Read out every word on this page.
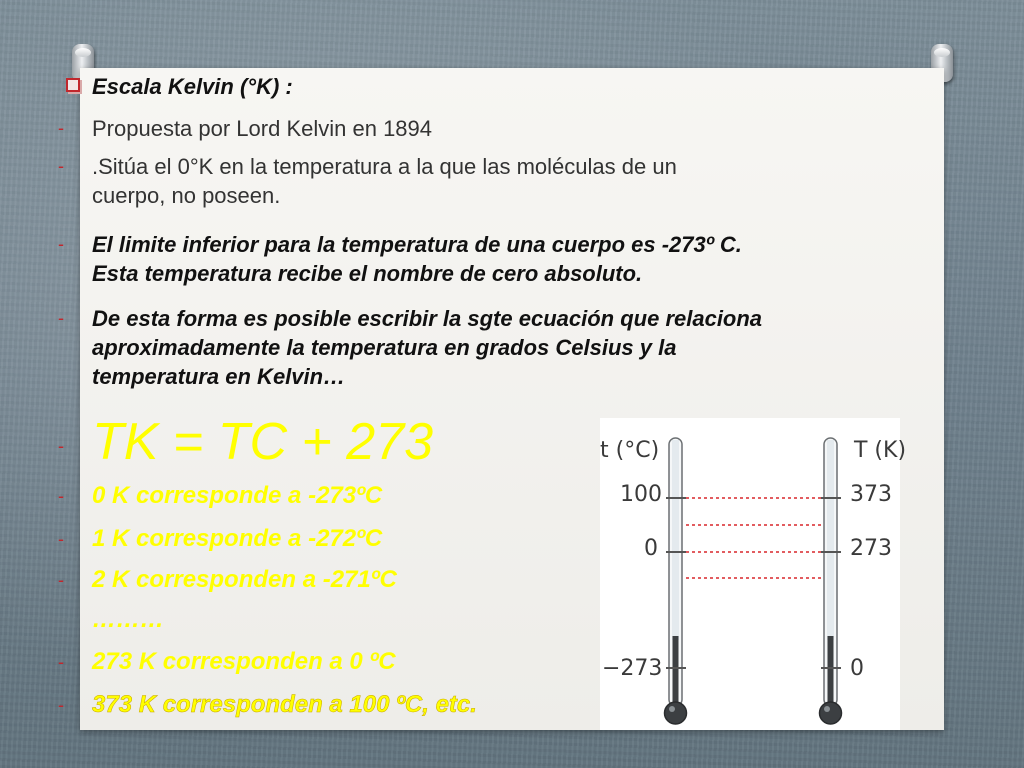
Escala Kelvin (°K) :
- Propuesta por Lord Kelvin en 1894
- .Sitúa el 0°K en la temperatura a la que las moléculas de un
cuerpo, no poseen.
- El limite inferior para la temperatura de una cuerpo es -273º C.
Esta temperatura recibe el nombre de cero absoluto.
- De esta forma es posible escribir la sgte ecuación que relaciona
aproximadamente la temperatura en grados Celsius y la
temperatura en Kelvin…
- TK = TC + 273
- 0 K corresponde a -273ºC
- 1 K corresponde a -272ºC
- 2 K corresponden a -271ºC
………
- 273 K corresponden a 0 ºC
- 373 K corresponden a 100 ºC, etc.
t (°C)	T (K)
100
0
−273
373
273
0
